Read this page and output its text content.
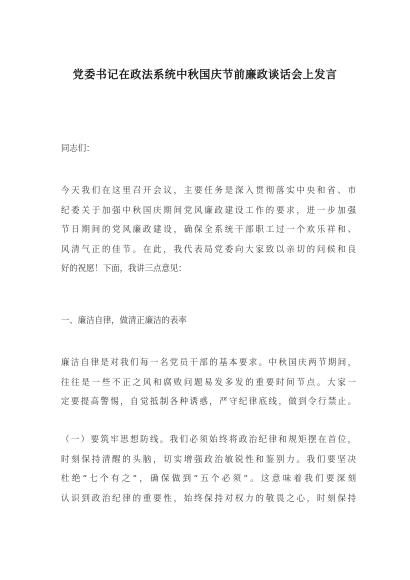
党委书记在政法系统中秋国庆节前廉政谈话会上发言
同志们：
今天我们在这里召开会议，主要任务是深入贯彻落实中央和省、市
纪委关于加强中秋国庆期间党风廉政建设工作的要求，进一步加强
节日期间的党风廉政建设，确保全系统干部职工过一个欢乐祥和、
风清气正的佳节。在此，我代表局党委向大家致以亲切的问候和良
好的祝愿！下面，我讲三点意见：
一、廉洁自律，做清正廉洁的表率
廉洁自律是对我们每一名党员干部的基本要求。中秋国庆两节期间，
往往是一些不正之风和腐败问题易发多发的重要时间节点。大家一
定要提高警惕，自觉抵制各种诱惑，严守纪律底线，做到令行禁止。
（一）要筑牢思想防线。我们必须始终将政治纪律和规矩摆在首位，
时刻保持清醒的头脑，切实增强政治敏锐性和鉴别力。我们要坚决
杜绝“七个有之”，确保做到“五个必须”。这意味着我们要深刻
认识到政治纪律的重要性，始终保持对权力的敬畏之心，时刻保持
